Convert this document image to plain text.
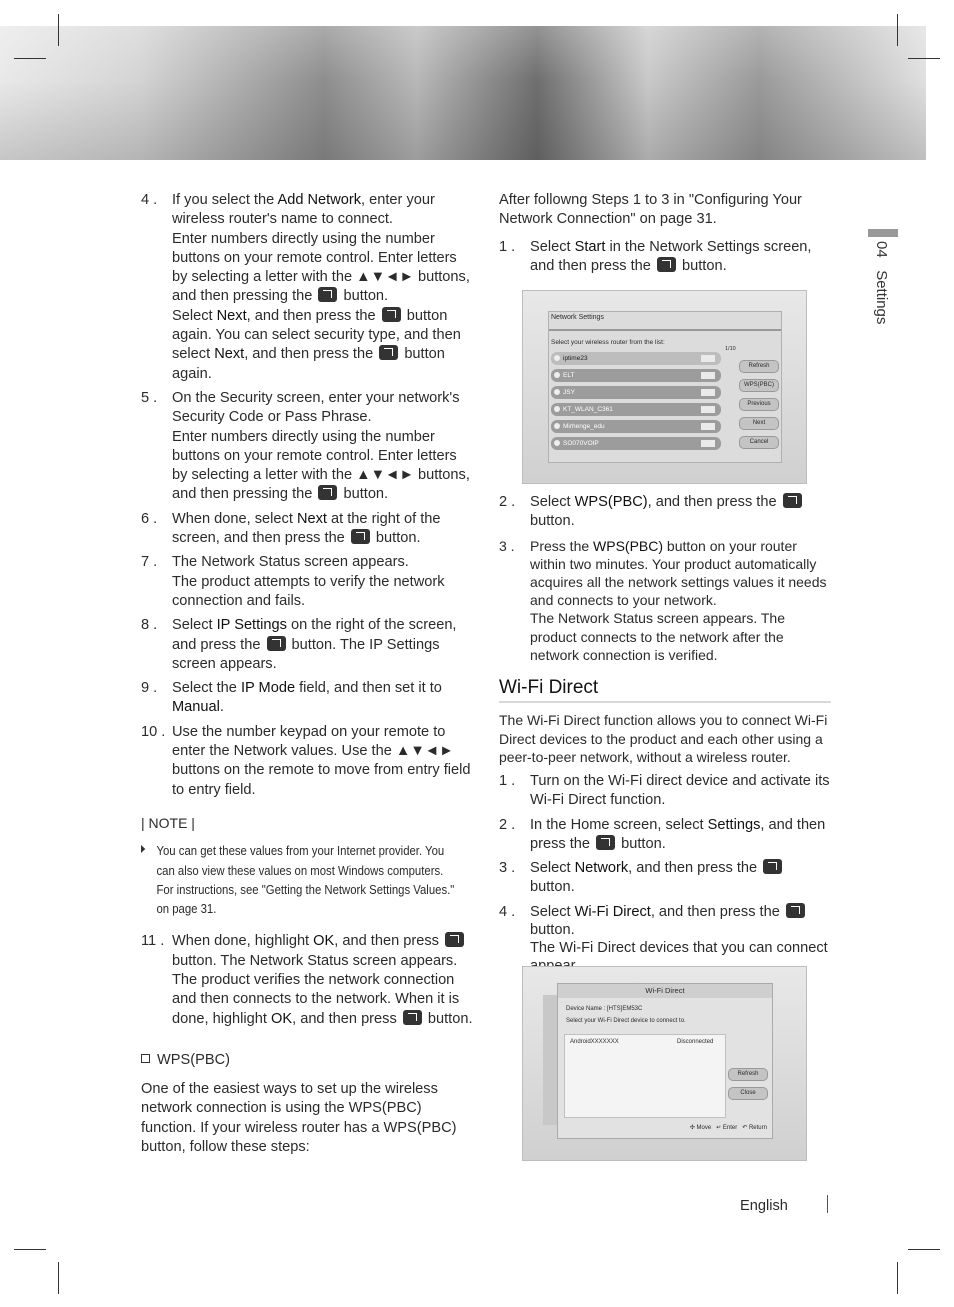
04   Settings
4 . If you select the Add Network, enter your wireless router's name to connect.

Enter numbers directly using the number buttons on your remote control. Enter letters by selecting a letter with the ▲▼◄► buttons, and then pressing the  button.

Select Next, and then press the  button again. You can select security type, and then select Next, and then press the  button again.

5 . On the Security screen, enter your network's Security Code or Pass Phrase.

Enter numbers directly using the number buttons on your remote control. Enter letters by selecting a letter with the ▲▼◄► buttons, and then pressing the  button.

6 . When done, select Next at the right of the screen, and then press the  button.

7 . The Network Status screen appears.

The product attempts to verify the network connection and fails.

8 . Select IP Settings on the right of the screen, and press the  button. The IP Settings screen appears.

9 . Select the IP Mode field, and then set it to Manual.

10 . Use the number keypad on your remote to enter the Network values. Use the ▲▼◄► buttons on the remote to move from entry field to entry field.

| NOTE |
You can get these values from your Internet provider. You can also view these values on most Windows computers. For instructions, see "Getting the Network Settings Values." on page 31.
11 . When done, highlight OK, and then press  button. The Network Status screen appears. The product verifies the network connection and then connects to the network. When it is done, highlight OK, and then press  button.

WPS(PBC)

One of the easiest ways to set up the wireless network connection is using the WPS(PBC) function. If your wireless router has a WPS(PBC) button, follow these steps:

After followng Steps 1 to 3 in "Configuring Your Network Connection" on page 31.

1 . Select Start in the Network Settings screen, and then press the  button.

Network Settings
Select your wireless router from the list:
1/10
iptime23
ELT
JSY
KT_WLAN_C361
Mirhenge_edu
SO070VOIP
Refresh
WPS(PBC)
Previous
Next
Cancel
2 . Select WPS(PBC), and then press the  button.

3 . Press the WPS(PBC) button on your router within two minutes. Your product automatically acquires all the network settings values it needs and connects to your network.

The Network Status screen appears. The product connects to the network after the network connection is verified.

Wi-Fi Direct

The Wi-Fi Direct function allows you to connect Wi-Fi Direct devices to the product and each other using a peer-to-peer network, without a wireless router.

1 . Turn on the Wi-Fi direct device and activate its Wi-Fi Direct function.

2 . In the Home screen, select Settings, and then press the  button.

3 . Select Network, and then press the  button.

4 . Select Wi-Fi Direct, and then press the  button.

The Wi-Fi Direct devices that you can connect

Wi-Fi Direct
Device Name : [HTS]EM53C
Select your Wi-Fi Direct device to connect to.
AndroidXXXXXXX	Disconnected
Refresh
Close
✣ Move ↵ Enter ↶ Return
English
